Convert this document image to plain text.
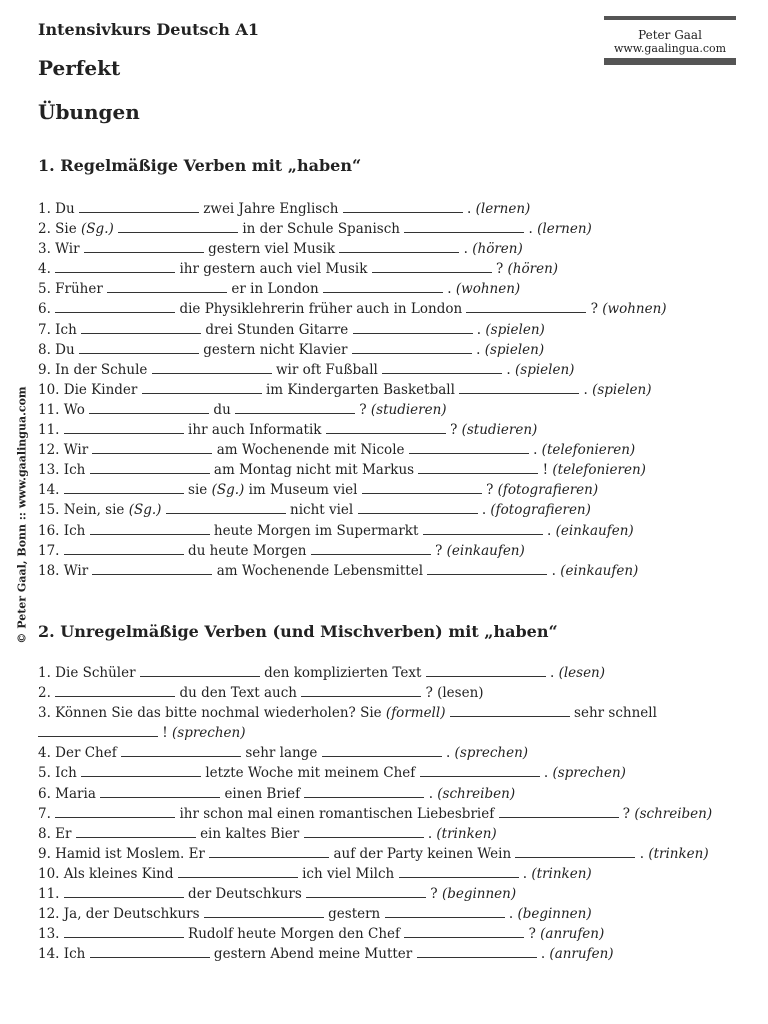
Intensivkurs Deutsch A1
Perfekt
Übungen
Peter Gaal
www.gaalingua.com
© Peter Gaal, Bonn :: www.gaalingua.com
1. Regelmäßige Verben mit „haben“
1. Du	zwei Jahre Englisch	. (lernen)
2. Sie (Sg.)	in der Schule Spanisch	. (lernen)
3. Wir	gestern viel Musik	. (hören)
4.	ihr gestern auch viel Musik	? (hören)
5. Früher	er in London	. (wohnen)
6.	die Physiklehrerin früher auch in London	? (wohnen)
7. Ich	drei Stunden Gitarre	. (spielen)
8. Du	gestern nicht Klavier	. (spielen)
9. In der Schule	wir oft Fußball	. (spielen)
10. Die Kinder	im Kindergarten Basketball	. (spielen)
11. Wo	du	? (studieren)
11.	ihr auch Informatik	? (studieren)
12. Wir	am Wochenende mit Nicole	. (telefonieren)
13. Ich	am Montag nicht mit Markus	! (telefonieren)
14.	sie (Sg.) im Museum viel	? (fotografieren)
15. Nein, sie (Sg.)	nicht viel	. (fotografieren)
16. Ich	heute Morgen im Supermarkt	. (einkaufen)
17.	du heute Morgen	? (einkaufen)
18. Wir	am Wochenende Lebensmittel	. (einkaufen)
2. Unregelmäßige Verben (und Mischverben) mit „haben“
1. Die Schüler	den komplizierten Text	. (lesen)
2.	du den Text auch	? (lesen)
3. Können Sie das bitte nochmal wiederholen? Sie (formell)	sehr schnell
! (sprechen)
4. Der Chef	sehr lange	. (sprechen)
5. Ich	letzte Woche mit meinem Chef	. (sprechen)
6. Maria	einen Brief	. (schreiben)
7.	ihr schon mal einen romantischen Liebesbrief	? (schreiben)
8. Er	ein kaltes Bier	. (trinken)
9. Hamid ist Moslem. Er	auf der Party keinen Wein	. (trinken)
10. Als kleines Kind	ich viel Milch	. (trinken)
11.	der Deutschkurs	? (beginnen)
12. Ja, der Deutschkurs	gestern	. (beginnen)
13.	Rudolf heute Morgen den Chef	? (anrufen)
14. Ich	gestern Abend meine Mutter	. (anrufen)
